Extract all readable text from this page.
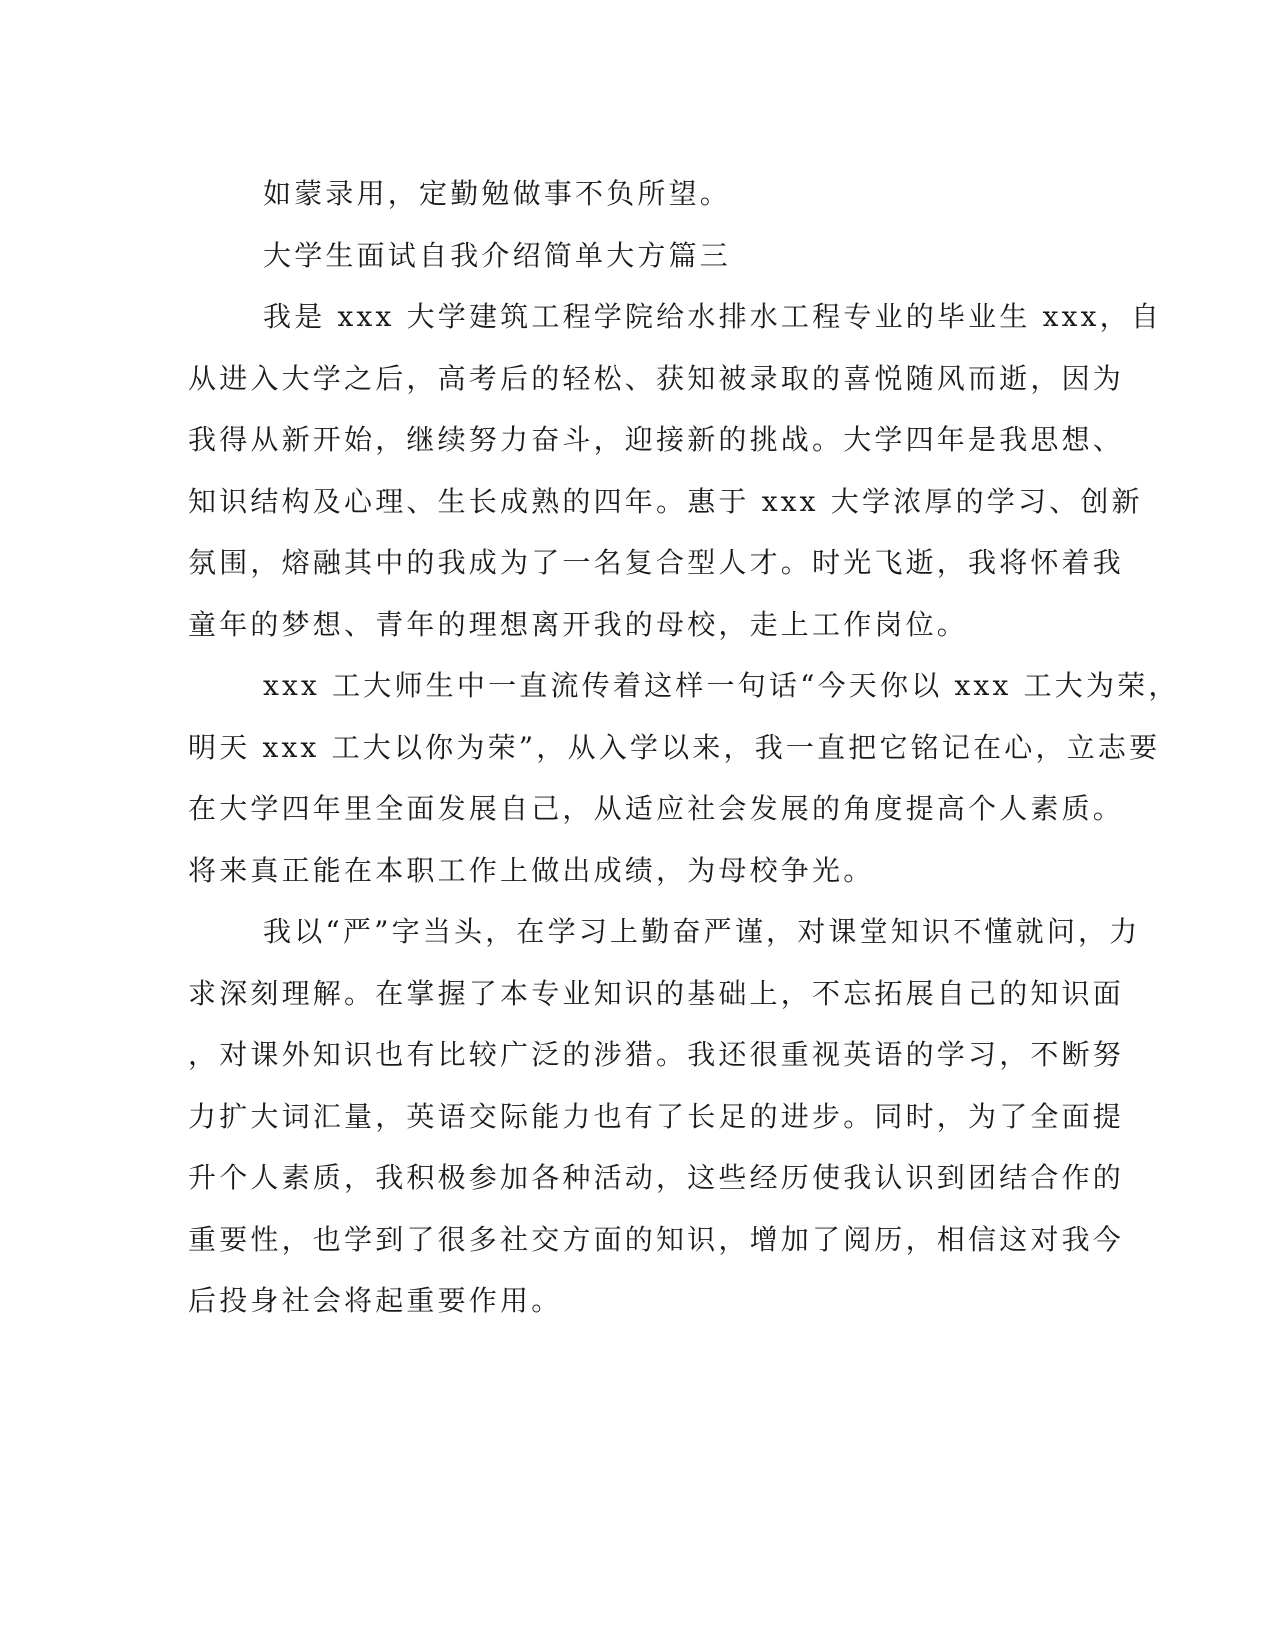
如蒙录用，定勤勉做事不负所望。
大学生面试自我介绍简单大方篇三
我是 xxx 大学建筑工程学院给水排水工程专业的毕业生 xxx，自
从进入大学之后，高考后的轻松、获知被录取的喜悦随风而逝，因为
我得从新开始，继续努力奋斗，迎接新的挑战。大学四年是我思想、
知识结构及心理、生长成熟的四年。惠于 xxx 大学浓厚的学习、创新
氛围，熔融其中的我成为了一名复合型人才。时光飞逝，我将怀着我
童年的梦想、青年的理想离开我的母校，走上工作岗位。
xxx 工大师生中一直流传着这样一句话“今天你以 xxx 工大为荣，
明天 xxx 工大以你为荣”，从入学以来，我一直把它铭记在心，立志要
在大学四年里全面发展自己，从适应社会发展的角度提高个人素质。
将来真正能在本职工作上做出成绩，为母校争光。
我以“严”字当头，在学习上勤奋严谨，对课堂知识不懂就问，力
求深刻理解。在掌握了本专业知识的基础上，不忘拓展自己的知识面
，对课外知识也有比较广泛的涉猎。我还很重视英语的学习，不断努
力扩大词汇量，英语交际能力也有了长足的进步。同时，为了全面提
升个人素质，我积极参加各种活动，这些经历使我认识到团结合作的
重要性，也学到了很多社交方面的知识，增加了阅历，相信这对我今
后投身社会将起重要作用。
